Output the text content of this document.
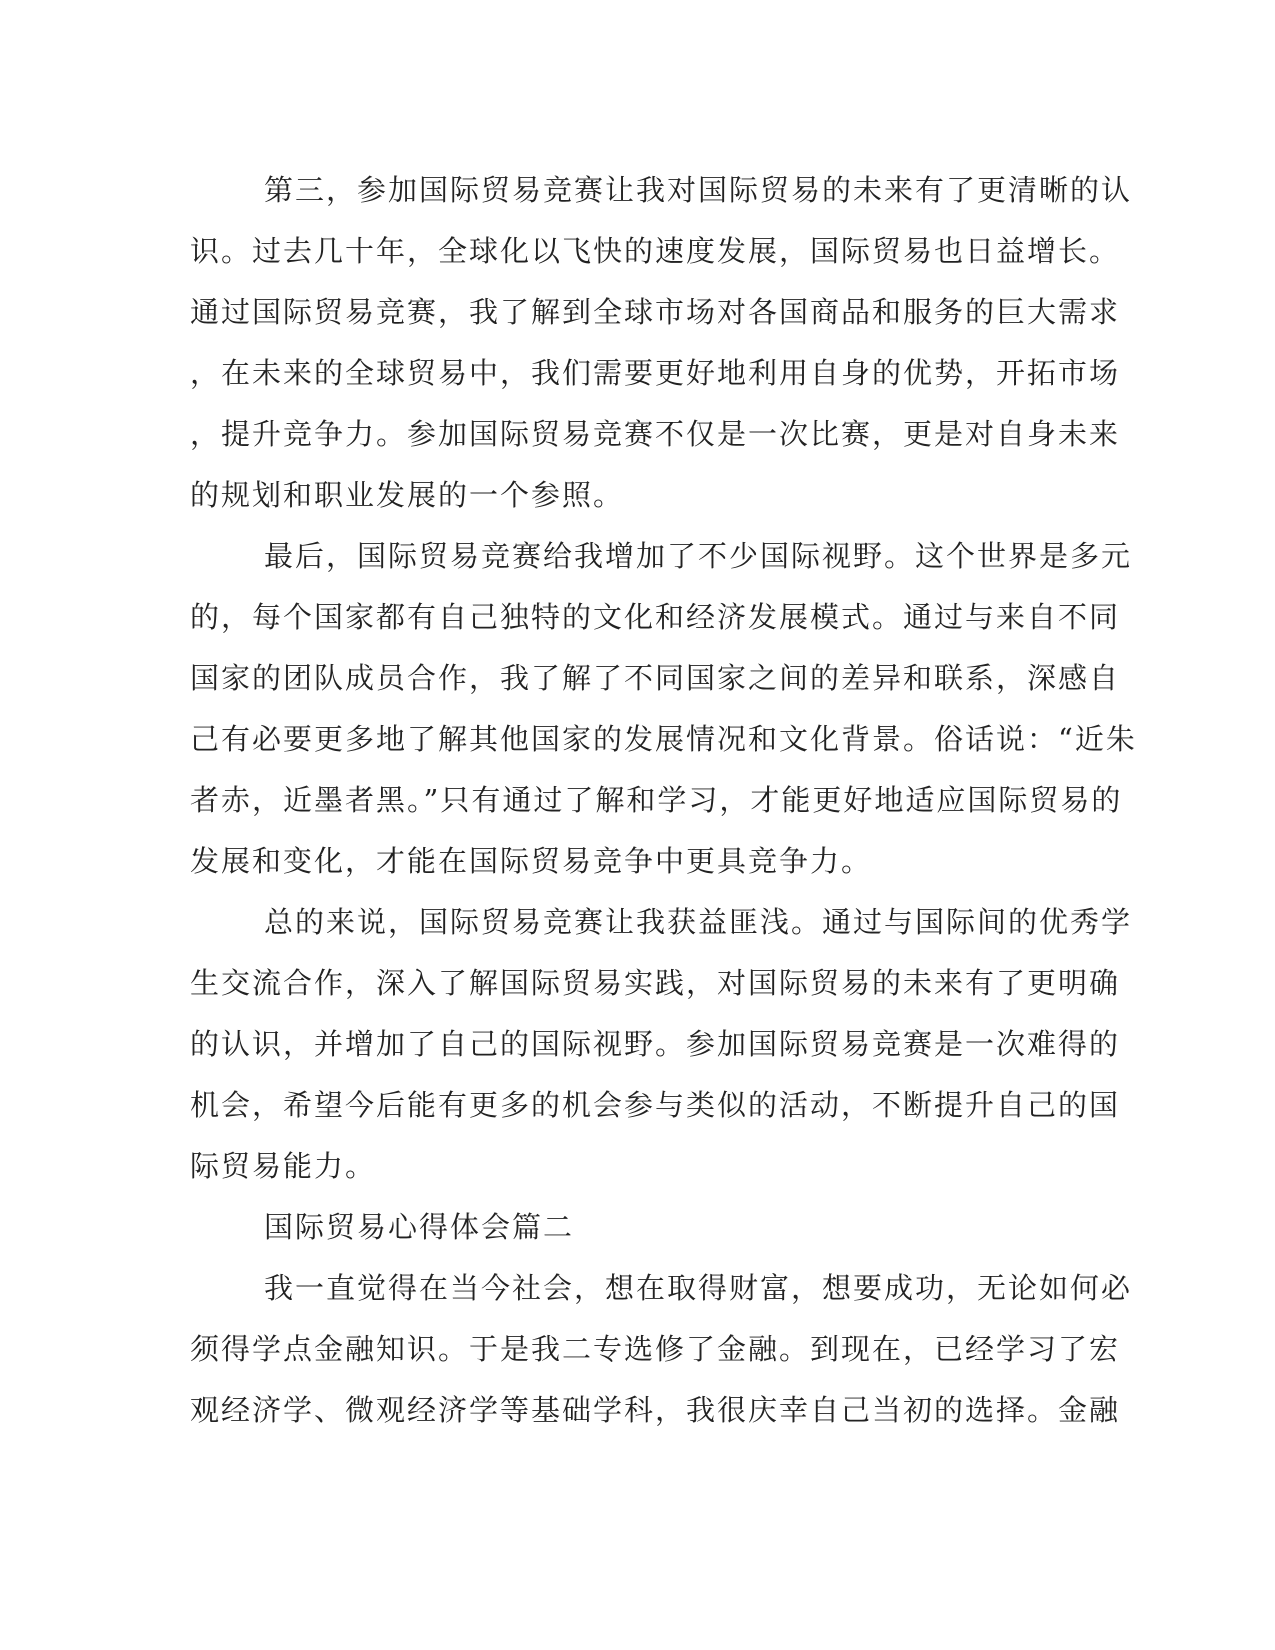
第三，参加国际贸易竞赛让我对国际贸易的未来有了更清晰的认
识。过去几十年，全球化以飞快的速度发展，国际贸易也日益增长。
通过国际贸易竞赛，我了解到全球市场对各国商品和服务的巨大需求
，在未来的全球贸易中，我们需要更好地利用自身的优势，开拓市场
，提升竞争力。参加国际贸易竞赛不仅是一次比赛，更是对自身未来
的规划和职业发展的一个参照。
最后，国际贸易竞赛给我增加了不少国际视野。这个世界是多元
的，每个国家都有自己独特的文化和经济发展模式。通过与来自不同
国家的团队成员合作，我了解了不同国家之间的差异和联系，深感自
己有必要更多地了解其他国家的发展情况和文化背景。俗话说：“近朱
者赤，近墨者黑。”只有通过了解和学习，才能更好地适应国际贸易的
发展和变化，才能在国际贸易竞争中更具竞争力。
总的来说，国际贸易竞赛让我获益匪浅。通过与国际间的优秀学
生交流合作，深入了解国际贸易实践，对国际贸易的未来有了更明确
的认识，并增加了自己的国际视野。参加国际贸易竞赛是一次难得的
机会，希望今后能有更多的机会参与类似的活动，不断提升自己的国
际贸易能力。
国际贸易心得体会篇二
我一直觉得在当今社会，想在取得财富，想要成功，无论如何必
须得学点金融知识。于是我二专选修了金融。到现在，已经学习了宏
观经济学、微观经济学等基础学科，我很庆幸自己当初的选择。金融
